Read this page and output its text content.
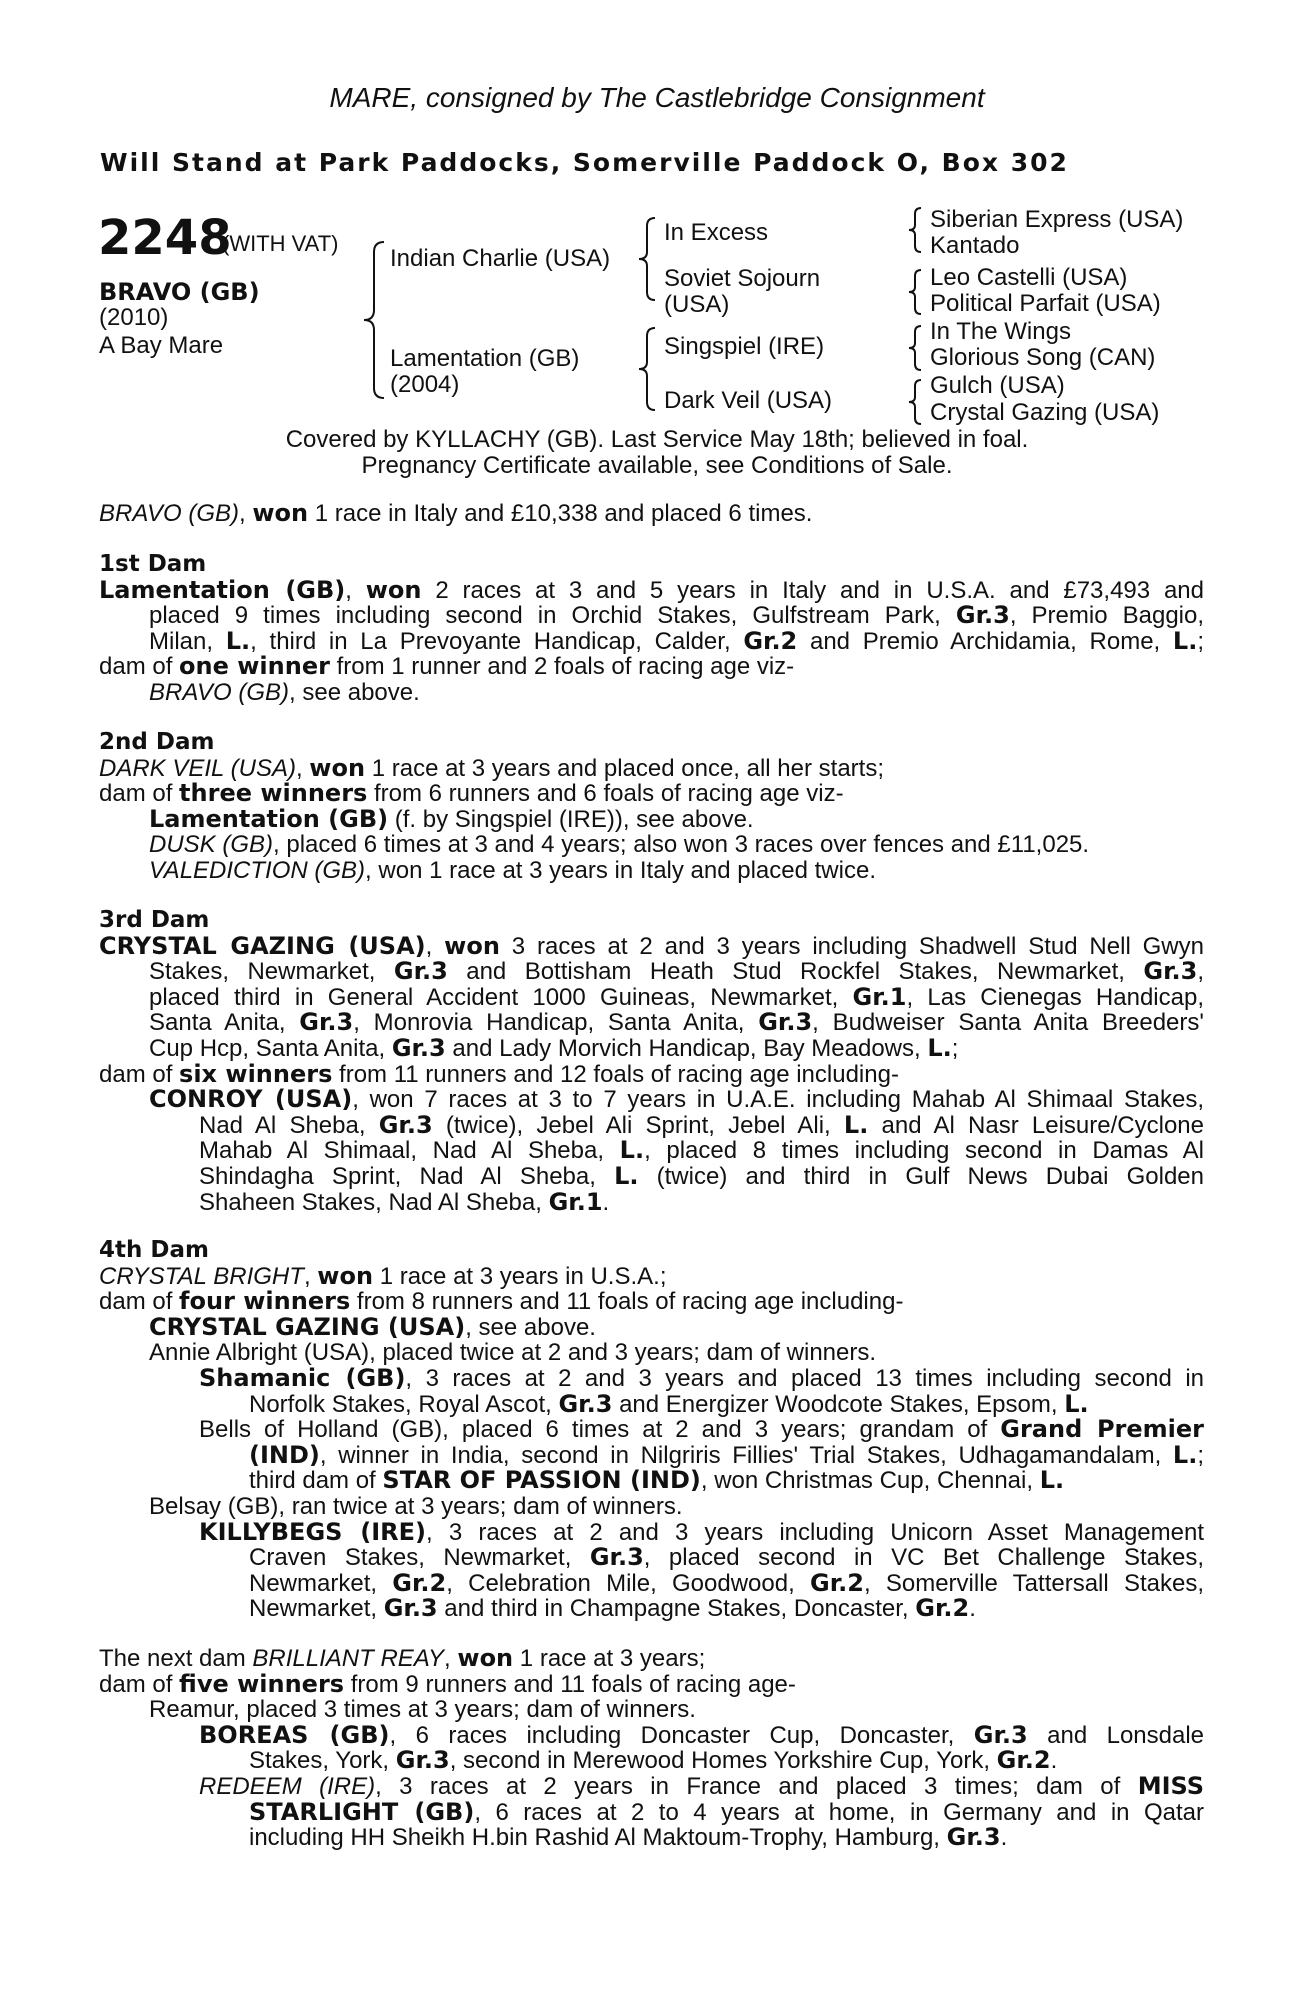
MARE, consigned by The Castlebridge Consignment
Will Stand at Park Paddocks, Somerville Paddock O, Box 302
2248
(WITH VAT)
BRAVO (GB)
(2010)
A Bay Mare
Indian Charlie (USA)
Lamentation (GB)
(2004)
In Excess
Soviet Sojourn
(USA)
Singspiel (IRE)
Dark Veil (USA)
Siberian Express (USA)
Kantado
Leo Castelli (USA)
Political Parfait (USA)
In The Wings
Glorious Song (CAN)
Gulch (USA)
Crystal Gazing (USA)
Covered by KYLLACHY (GB). Last Service May 18th; believed in foal.
Pregnancy Certificate available, see Conditions of Sale.

BRAVO (GB), won 1 race in Italy and £10,338 and placed 6 times.

1st Dam

Lamentation (GB), won 2 races at 3 and 5 years in Italy and in U.S.A. and £73,493 and

placed 9 times including second in Orchid Stakes, Gulfstream Park, Gr.3, Premio Baggio,

Milan, L., third in La Prevoyante Handicap, Calder, Gr.2 and Premio Archidamia, Rome, L.;

dam of one winner from 1 runner and 2 foals of racing age viz-

BRAVO (GB), see above.

2nd Dam

DARK VEIL (USA), won 1 race at 3 years and placed once, all her starts;

dam of three winners from 6 runners and 6 foals of racing age viz-

Lamentation (GB) (f. by Singspiel (IRE)), see above.

DUSK (GB), placed 6 times at 3 and 4 years; also won 3 races over fences and £11,025.

VALEDICTION (GB), won 1 race at 3 years in Italy and placed twice.

3rd Dam

CRYSTAL GAZING (USA), won 3 races at 2 and 3 years including Shadwell Stud Nell Gwyn

Stakes, Newmarket, Gr.3 and Bottisham Heath Stud Rockfel Stakes, Newmarket, Gr.3,

placed third in General Accident 1000 Guineas, Newmarket, Gr.1, Las Cienegas Handicap,

Santa Anita, Gr.3, Monrovia Handicap, Santa Anita, Gr.3, Budweiser Santa Anita Breeders'

Cup Hcp, Santa Anita, Gr.3 and Lady Morvich Handicap, Bay Meadows, L.;

dam of six winners from 11 runners and 12 foals of racing age including-

CONROY (USA), won 7 races at 3 to 7 years in U.A.E. including Mahab Al Shimaal Stakes,

Nad Al Sheba, Gr.3 (twice), Jebel Ali Sprint, Jebel Ali, L. and Al Nasr Leisure/Cyclone

Mahab Al Shimaal, Nad Al Sheba, L., placed 8 times including second in Damas Al

Shindagha Sprint, Nad Al Sheba, L. (twice) and third in Gulf News Dubai Golden

Shaheen Stakes, Nad Al Sheba, Gr.1.

4th Dam

CRYSTAL BRIGHT, won 1 race at 3 years in U.S.A.;

dam of four winners from 8 runners and 11 foals of racing age including-

CRYSTAL GAZING (USA), see above.

Annie Albright (USA), placed twice at 2 and 3 years; dam of winners.

Shamanic (GB), 3 races at 2 and 3 years and placed 13 times including second in

Norfolk Stakes, Royal Ascot, Gr.3 and Energizer Woodcote Stakes, Epsom, L.

Bells of Holland (GB), placed 6 times at 2 and 3 years; grandam of Grand Premier

(IND), winner in India, second in Nilgriris Fillies' Trial Stakes, Udhagamandalam, L.;

third dam of STAR OF PASSION (IND), won Christmas Cup, Chennai, L.

Belsay (GB), ran twice at 3 years; dam of winners.

KILLYBEGS (IRE), 3 races at 2 and 3 years including Unicorn Asset Management

Craven Stakes, Newmarket, Gr.3, placed second in VC Bet Challenge Stakes,

Newmarket, Gr.2, Celebration Mile, Goodwood, Gr.2, Somerville Tattersall Stakes,

Newmarket, Gr.3 and third in Champagne Stakes, Doncaster, Gr.2.

The next dam BRILLIANT REAY, won 1 race at 3 years;

dam of five winners from 9 runners and 11 foals of racing age-

Reamur, placed 3 times at 3 years; dam of winners.

BOREAS (GB), 6 races including Doncaster Cup, Doncaster, Gr.3 and Lonsdale

Stakes, York, Gr.3, second in Merewood Homes Yorkshire Cup, York, Gr.2.

REDEEM (IRE), 3 races at 2 years in France and placed 3 times; dam of MISS

STARLIGHT (GB), 6 races at 2 to 4 years at home, in Germany and in Qatar

including HH Sheikh H.bin Rashid Al Maktoum-Trophy, Hamburg, Gr.3.
